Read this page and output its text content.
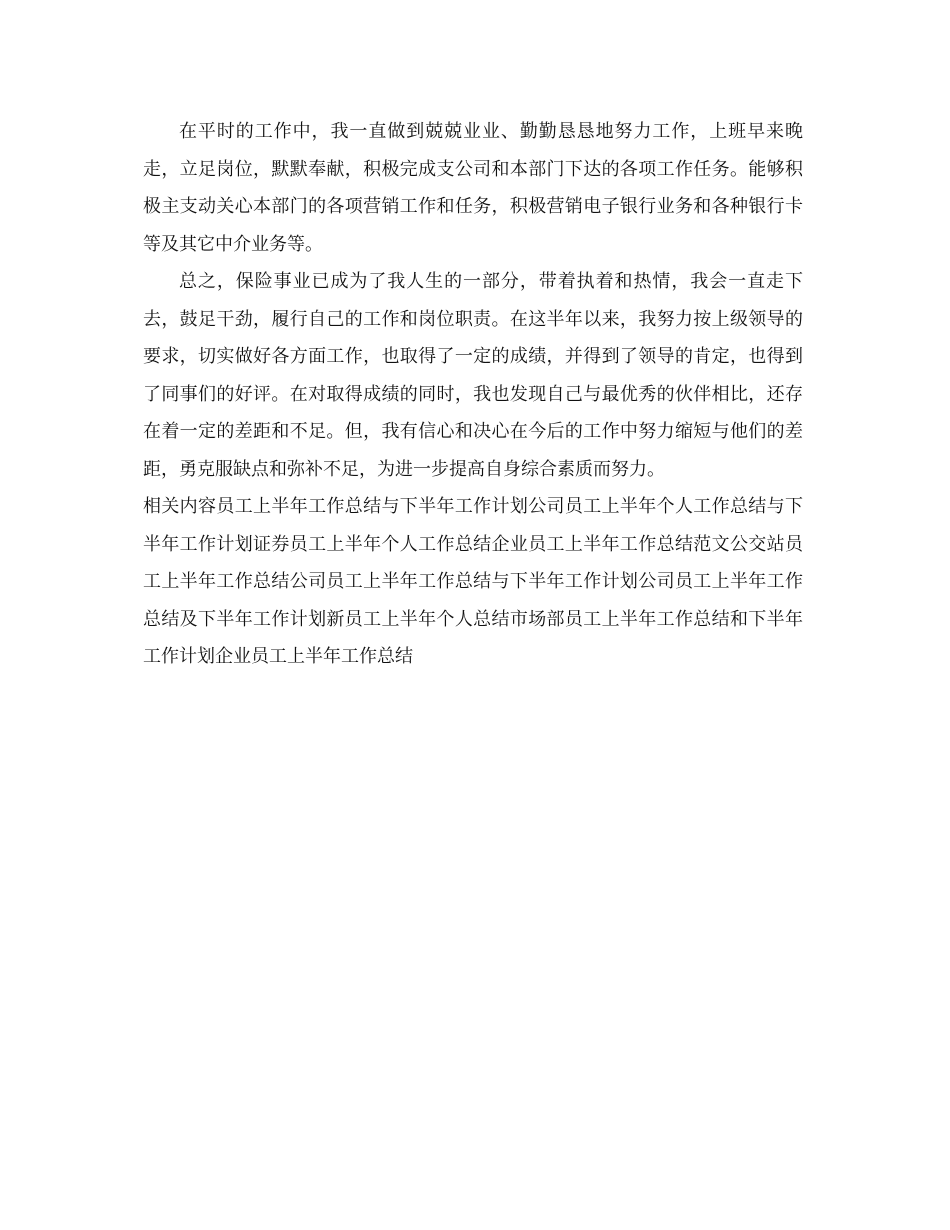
在平时的工作中，我一直做到兢兢业业、勤勤恳恳地努力工作，上班早来晚走，立足岗位，默默奉献，积极完成支公司和本部门下达的各项工作任务。能够积极主支动关心本部门的各项营销工作和任务，积极营销电子银行业务和各种银行卡等及其它中介业务等。

总之，保险事业已成为了我人生的一部分，带着执着和热情，我会一直走下去，鼓足干劲，履行自己的工作和岗位职责。在这半年以来，我努力按上级领导的要求，切实做好各方面工作，也取得了一定的成绩，并得到了领导的肯定，也得到了同事们的好评。在对取得成绩的同时，我也发现自己与最优秀的伙伴相比，还存在着一定的差距和不足。但，我有信心和决心在今后的工作中努力缩短与他们的差距，勇克服缺点和弥补不足，为进一步提高自身综合素质而努力。

相关内容员工上半年工作总结与下半年工作计划公司员工上半年个人工作总结与下半年工作计划证券员工上半年个人工作总结企业员工上半年工作总结范文公交站员工上半年工作总结公司员工上半年工作总结与下半年工作计划公司员工上半年工作总结及下半年工作计划新员工上半年个人总结市场部员工上半年工作总结和下半年工作计划企业员工上半年工作总结
